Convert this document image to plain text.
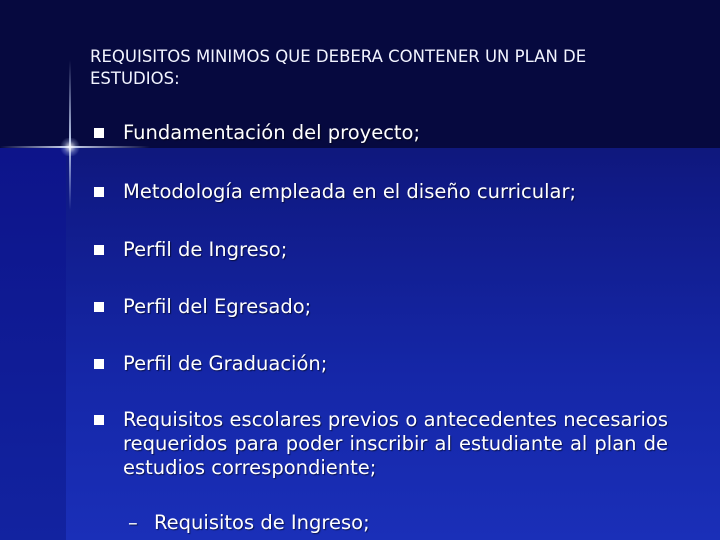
REQUISITOS MINIMOS QUE DEBERA CONTENER UN PLAN DE ESTUDIOS:
Fundamentación del proyecto;
Metodología empleada en el diseño curricular;
Perfil de Ingreso;
Perfil del Egresado;
Perfil de Graduación;
Requisitos escolares previos o antecedentes necesarios requeridos para poder inscribir al estudiante al plan de estudios correspondiente;
– Requisitos de Ingreso;
